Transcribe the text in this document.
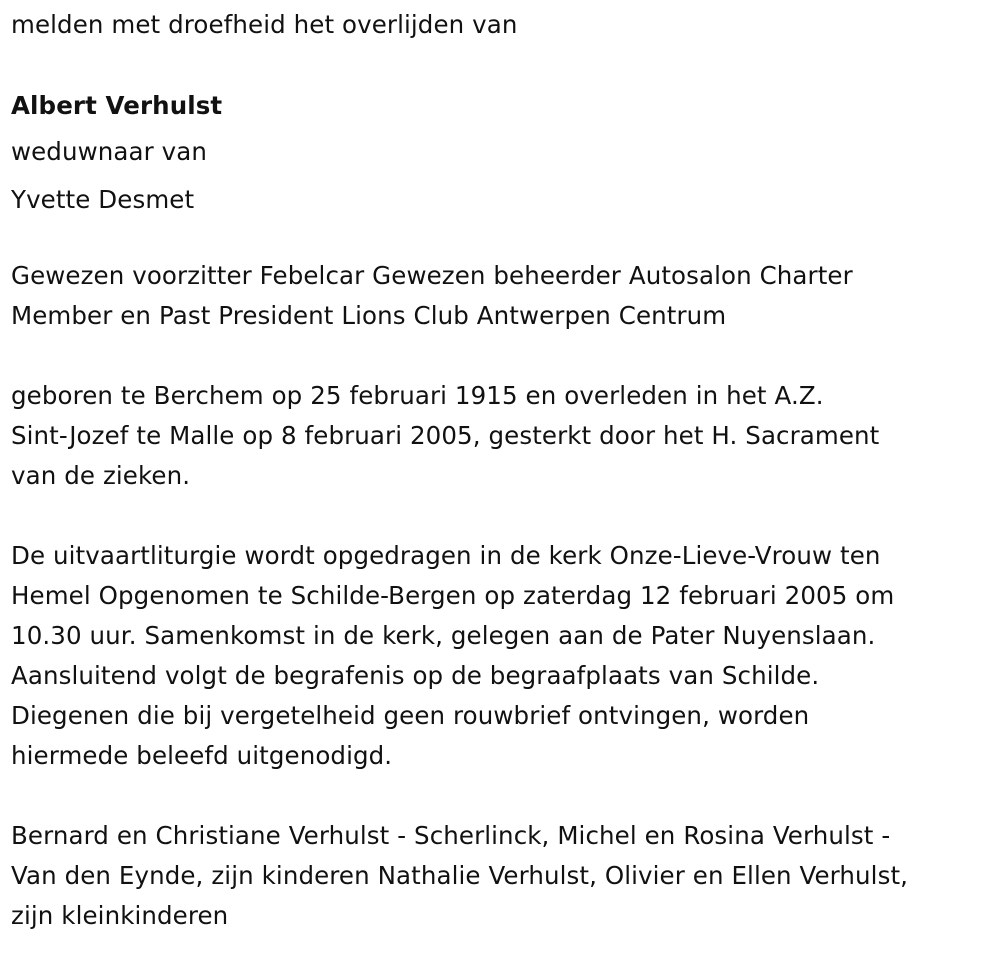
melden met droefheid het overlijden van
Albert Verhulst
weduwnaar van
Yvette Desmet
Gewezen voorzitter Febelcar Gewezen beheerder Autosalon Charter
Member en Past President Lions Club Antwerpen Centrum
geboren te Berchem op 25 februari 1915 en overleden in het A.Z.
Sint-Jozef te Malle op 8 februari 2005, gesterkt door het H. Sacrament
van de zieken.
De uitvaartliturgie wordt opgedragen in de kerk Onze-Lieve-Vrouw ten
Hemel Opgenomen te Schilde-Bergen op zaterdag 12 februari 2005 om
10.30 uur. Samenkomst in de kerk, gelegen aan de Pater Nuyenslaan.
Aansluitend volgt de begrafenis op de begraafplaats van Schilde.
Diegenen die bij vergetelheid geen rouwbrief ontvingen, worden
hiermede beleefd uitgenodigd.
Bernard en Christiane Verhulst - Scherlinck, Michel en Rosina Verhulst -
Van den Eynde, zijn kinderen Nathalie Verhulst, Olivier en Ellen Verhulst,
zijn kleinkinderen
